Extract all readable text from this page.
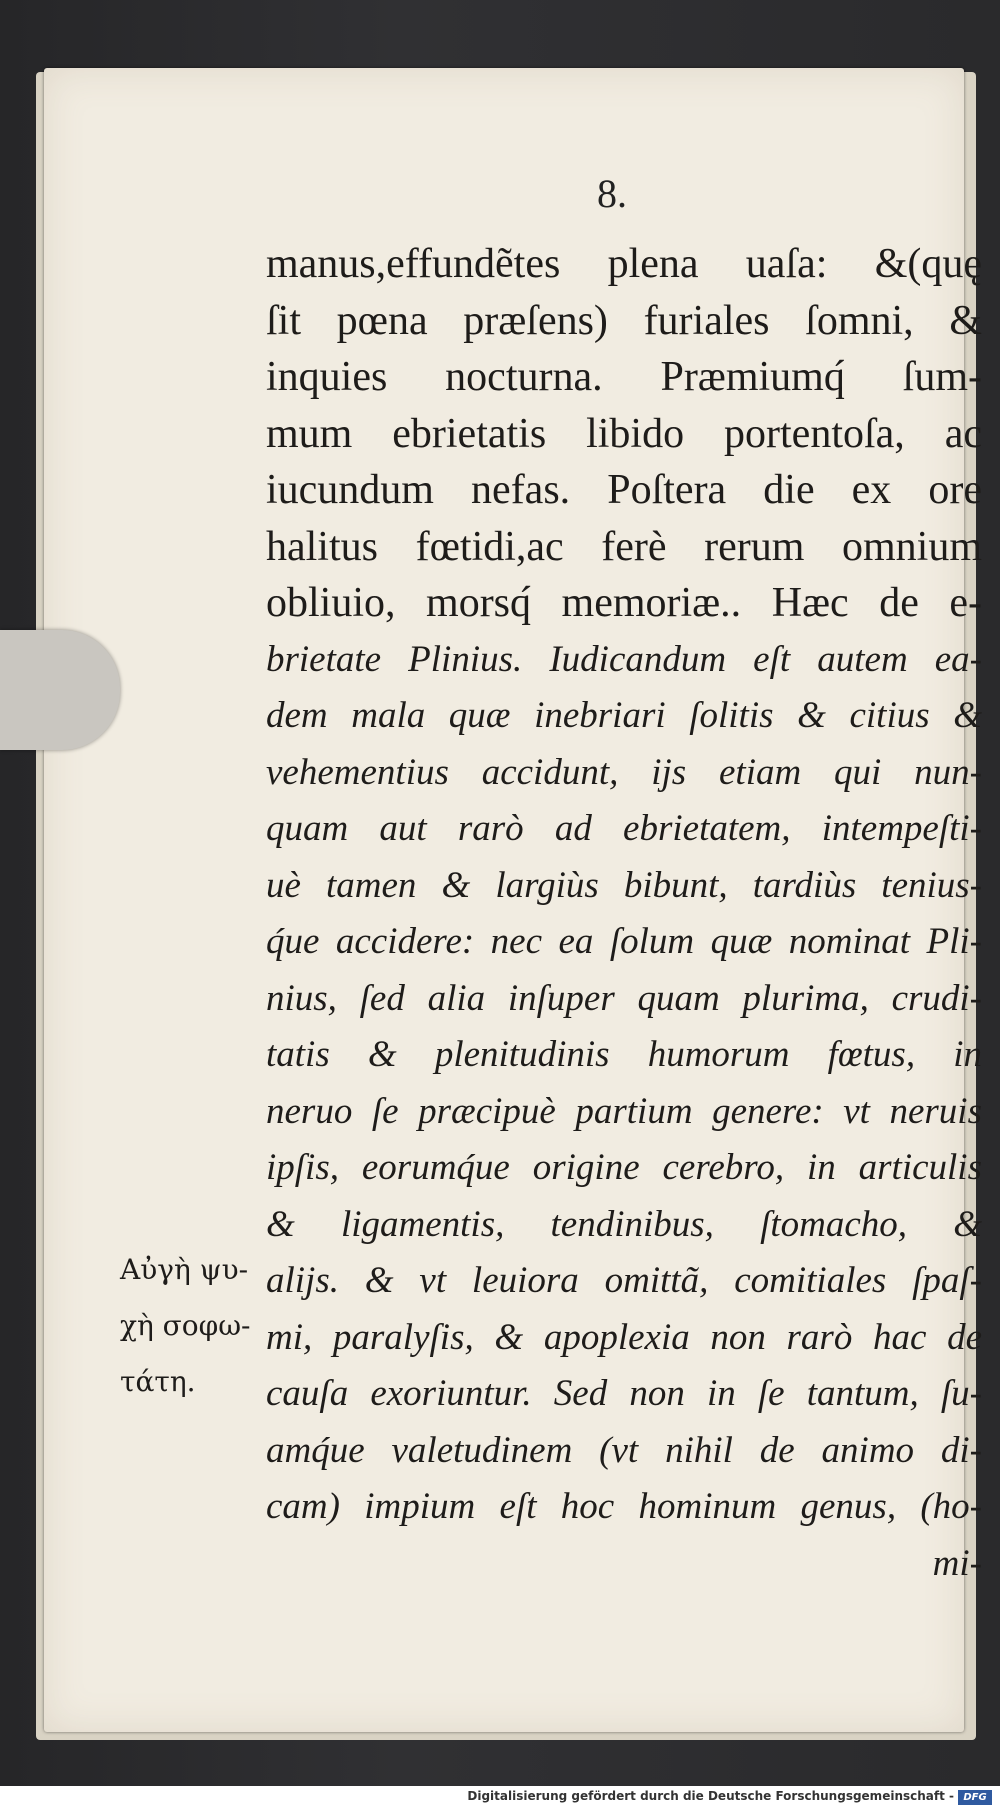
8.
manus,effundẽtes plena uaſa: &(quę
ſit pœna præſens) furiales ſomni, &
inquies nocturna. Præmiumq́ ſum-
mum ebrietatis libido portentoſa, ac
iucundum nefas. Poſtera die ex ore
halitus fœtidi,ac ferè rerum omnium
obliuio, morsq́ memoriæ.. Hæc de e-
brietate Plinius. Iudicandum eſt autem ea-
dem mala quæ inebriari ſolitis & citius &
vehementius accidunt, ijs etiam qui nun-
quam aut rarò ad ebrietatem, intempeſti-
uè tamen & largiùs bibunt, tardiùs tenius-
q́ue accidere: nec ea ſolum quæ nominat Pli-
nius, ſed alia inſuper quam plurima, crudi-
tatis & plenitudinis humorum fœtus, in
neruo ſe præcipuè partium genere: vt neruis
ipſis, eorumq́ue origine cerebro, in articulis
& ligamentis, tendinibus, ſtomacho, &
alijs. & vt leuiora omittã, comitiales ſpaſ-
mi, paralyſis, & apoplexia non rarò hac de
cauſa exoriuntur. Sed non in ſe tantum, ſu-
amq́ue valetudinem (vt nihil de animo di-
cam) impium eſt hoc hominum genus, (ho-
mi-
Αὐγὴ ψυ-
χὴ σοφω-
τάτη.
Digitalisierung gefördert durch die Deutsche Forschungsgemeinschaft - DFG
